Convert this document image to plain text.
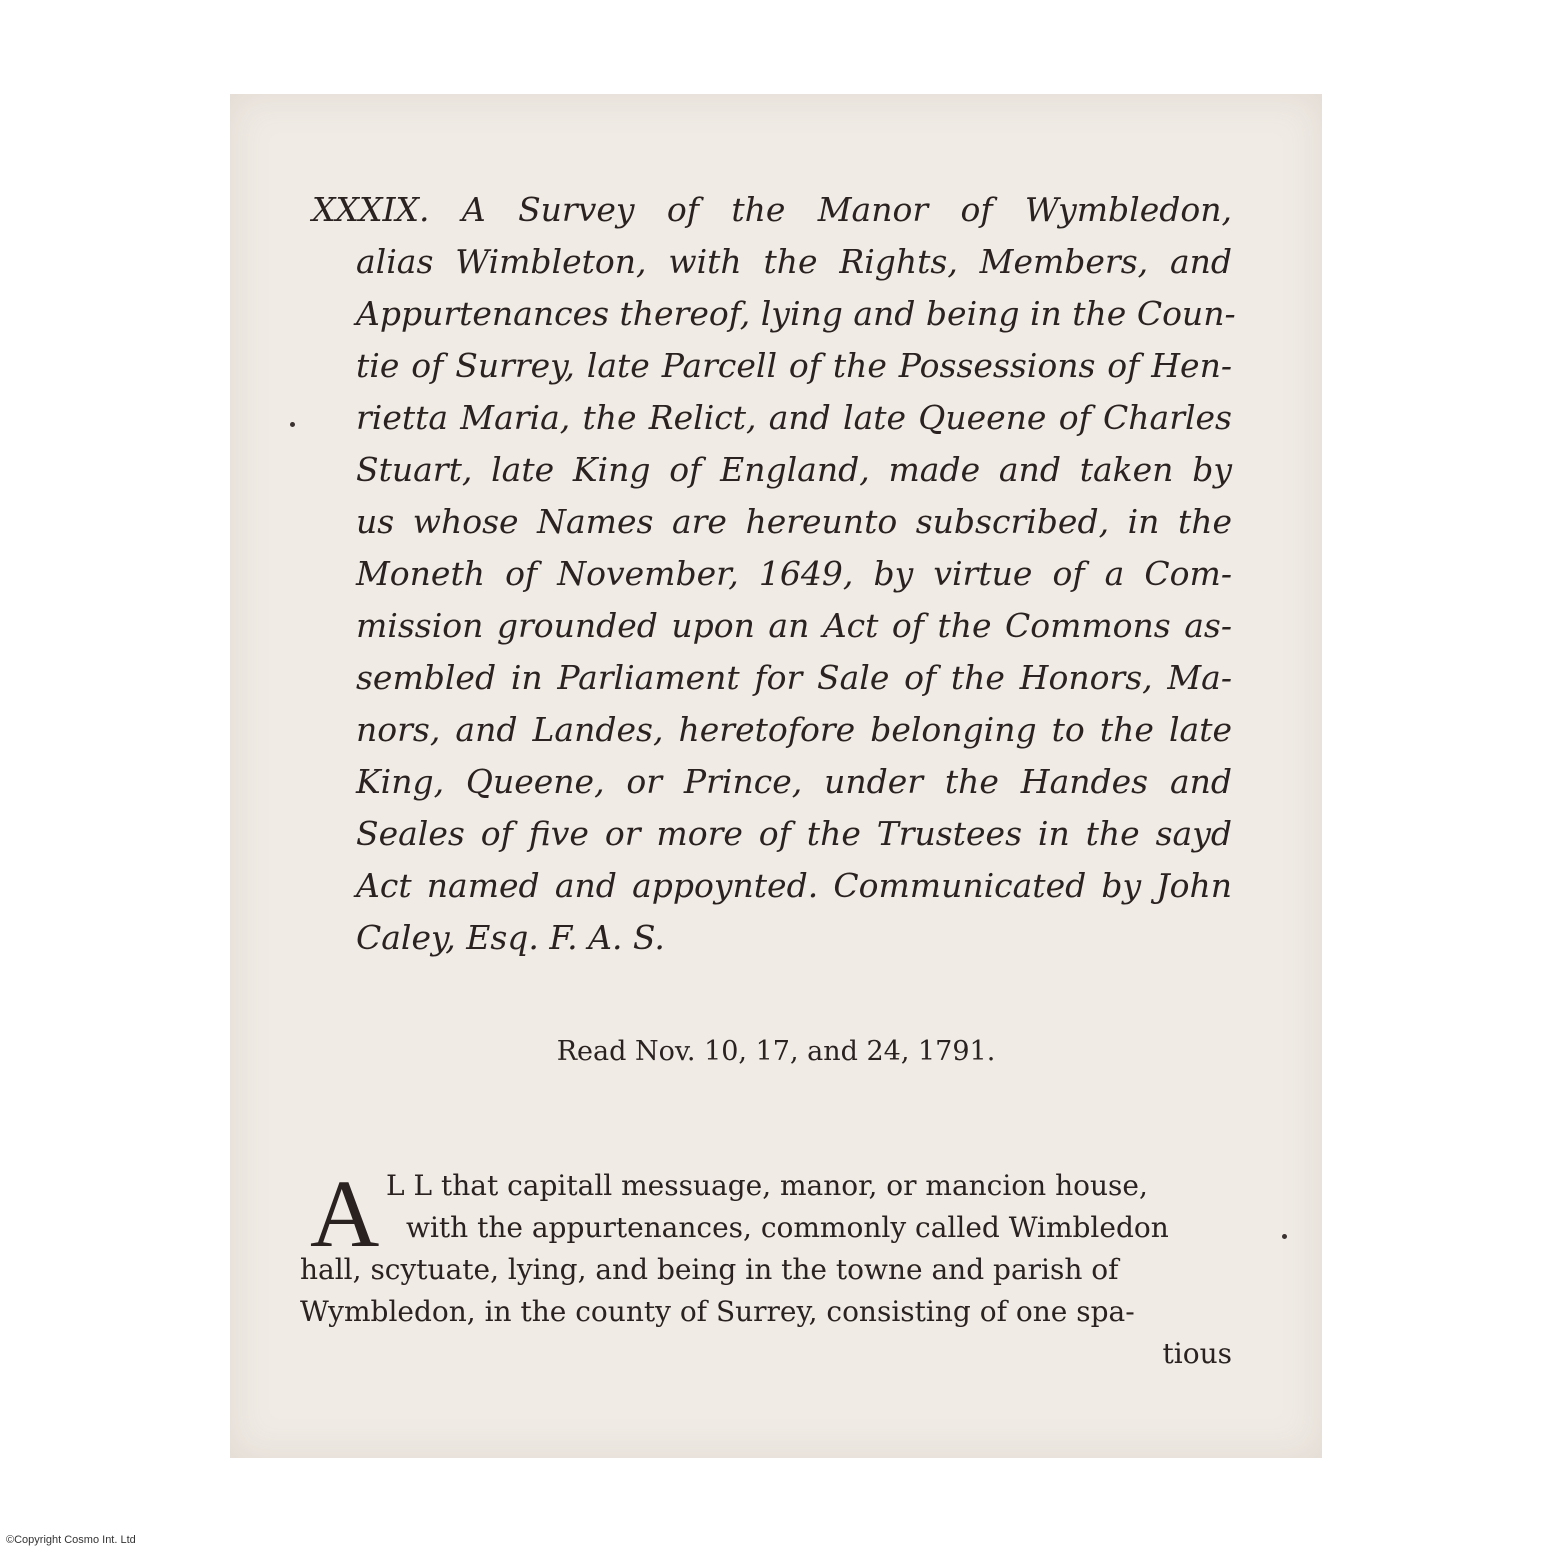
XXXIX. A Survey of the Manor of Wymbledon,
alias Wimbleton, with the Rights, Members, and
Appurtenances thereof, lying and being in the Coun-
tie of Surrey, late Parcell of the Possessions of Hen-
rietta Maria, the Relict, and late Queene of Charles
Stuart, late King of England, made and taken by
us whose Names are hereunto subscribed, in the
Moneth of November, 1649, by virtue of a Com-
mission grounded upon an Act of the Commons as-
sembled in Parliament for Sale of the Honors, Ma-
nors, and Landes, heretofore belonging to the late
King, Queene, or Prince, under the Handes and
Seales of five or more of the Trustees in the sayd
Act named and appoynted. Communicated by John
Caley, Esq. F. A. S.
Read Nov. 10, 17, and 24, 1791.
A L L that capitall messuage, manor, or mancion house,
with the appurtenances, commonly called Wimbledon
hall, scytuate, lying, and being in the towne and parish of
Wymbledon, in the county of Surrey, consisting of one spa-
tious
©Copyright Cosmo Int. Ltd
